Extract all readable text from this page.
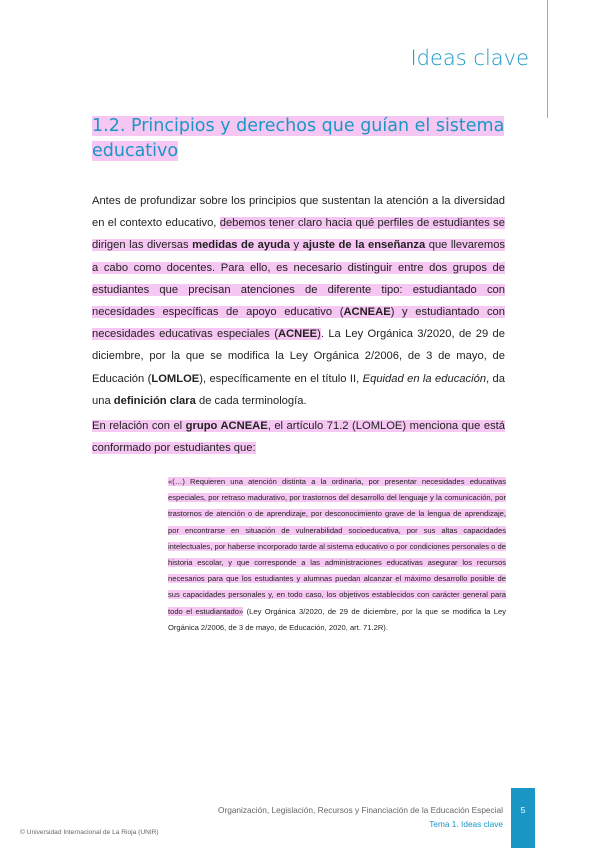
Ideas clave
1.2. Principios y derechos que guían el sistema educativo

Antes de profundizar sobre los principios que sustentan la atención a la diversidad en el contexto educativo, debemos tener claro hacia qué perfiles de estudiantes se dirigen las diversas medidas de ayuda y ajuste de la enseñanza que llevaremos a cabo como docentes. Para ello, es necesario distinguir entre dos grupos de estudiantes que precisan atenciones de diferente tipo: estudiantado con necesidades específicas de apoyo educativo (ACNEAE) y estudiantado con necesidades educativas especiales (ACNEE). La Ley Orgánica 3/2020, de 29 de diciembre, por la que se modifica la Ley Orgánica 2/2006, de 3 de mayo, de Educación (LOMLOE), específicamente en el título II, Equidad en la educación, da una definición clara de cada terminología.

En relación con el grupo ACNEAE, el artículo 71.2 (LOMLOE) menciona que está conformado por estudiantes que:

«(…) Requieren una atención distinta a la ordinaria, por presentar necesidades educativas especiales, por retraso madurativo, por trastornos del desarrollo del lenguaje y la comunicación, por trastornos de atención o de aprendizaje, por desconocimiento grave de la lengua de aprendizaje, por encontrarse en situación de vulnerabilidad socioeducativa, por sus altas capacidades intelectuales, por haberse incorporado tarde al sistema educativo o por condiciones personales o de historia escolar, y que corresponde a las administraciones educativas asegurar los recursos necesarios para que los estudiantes y alumnas puedan alcanzar el máximo desarrollo posible de sus capacidades personales y, en todo caso, los objetivos establecidos con carácter general para todo el estudiantado» (Ley Orgánica 3/2020, de 29 de diciembre, por la que se modifica la Ley Orgánica 2/2006, de 3 de mayo, de Educación, 2020, art. 71.2R).
Organización, Legislación, Recursos y Financiación de la Educación Especial
Tema 1. Ideas clave
© Universidad Internacional de La Rioja (UNIR)
5
